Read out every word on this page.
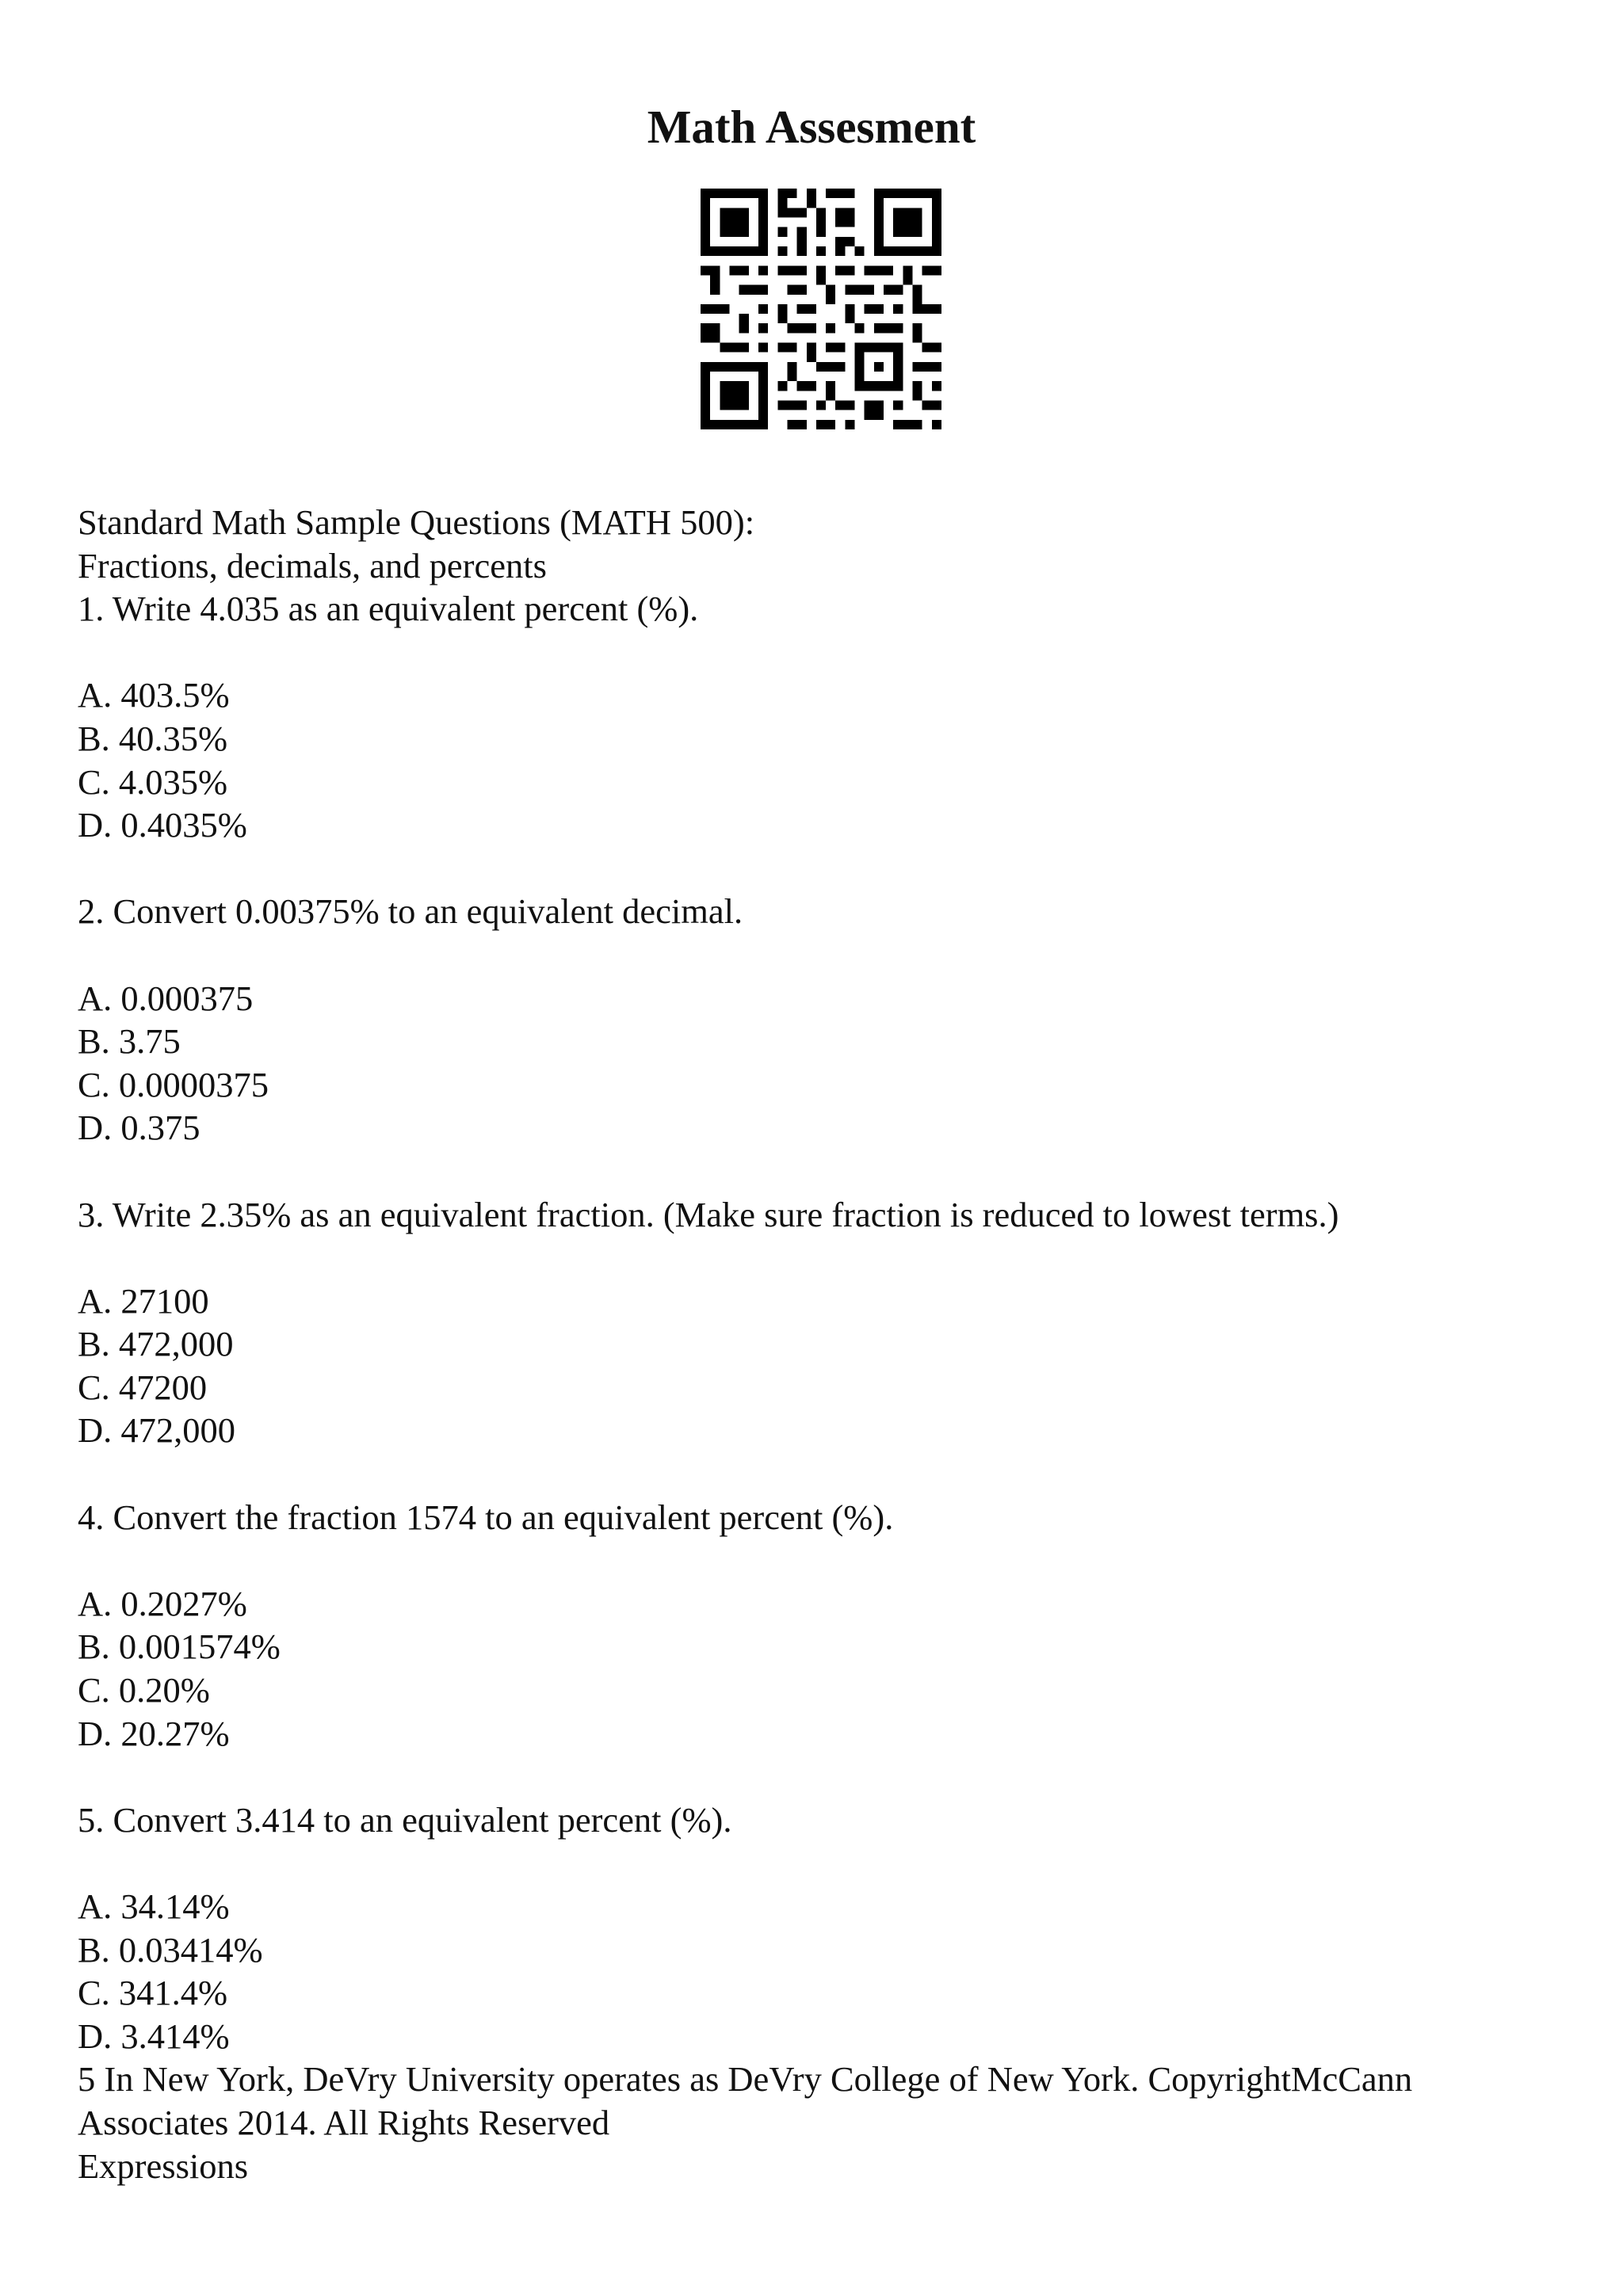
Math Assesment
Standard Math Sample Questions (MATH 500):
Fractions, decimals, and percents
1. Write 4.035 as an equivalent percent (%).
A. 403.5%
B. 40.35%
C. 4.035%
D. 0.4035%
2. Convert 0.00375% to an equivalent decimal.
A. 0.000375
B. 3.75
C. 0.0000375
D. 0.375
3. Write 2.35% as an equivalent fraction. (Make sure fraction is reduced to lowest terms.)
A. 27100
B. 472,000
C. 47200
D. 472,000
4. Convert the fraction 1574 to an equivalent percent (%).
A. 0.2027%
B. 0.001574%
C. 0.20%
D. 20.27%
5. Convert 3.414 to an equivalent percent (%).
A. 34.14%
B. 0.03414%
C. 341.4%
D. 3.414%
5 In New York, DeVry University operates as DeVry College of New York. CopyrightMcCann
Associates 2014. All Rights Reserved
Expressions
